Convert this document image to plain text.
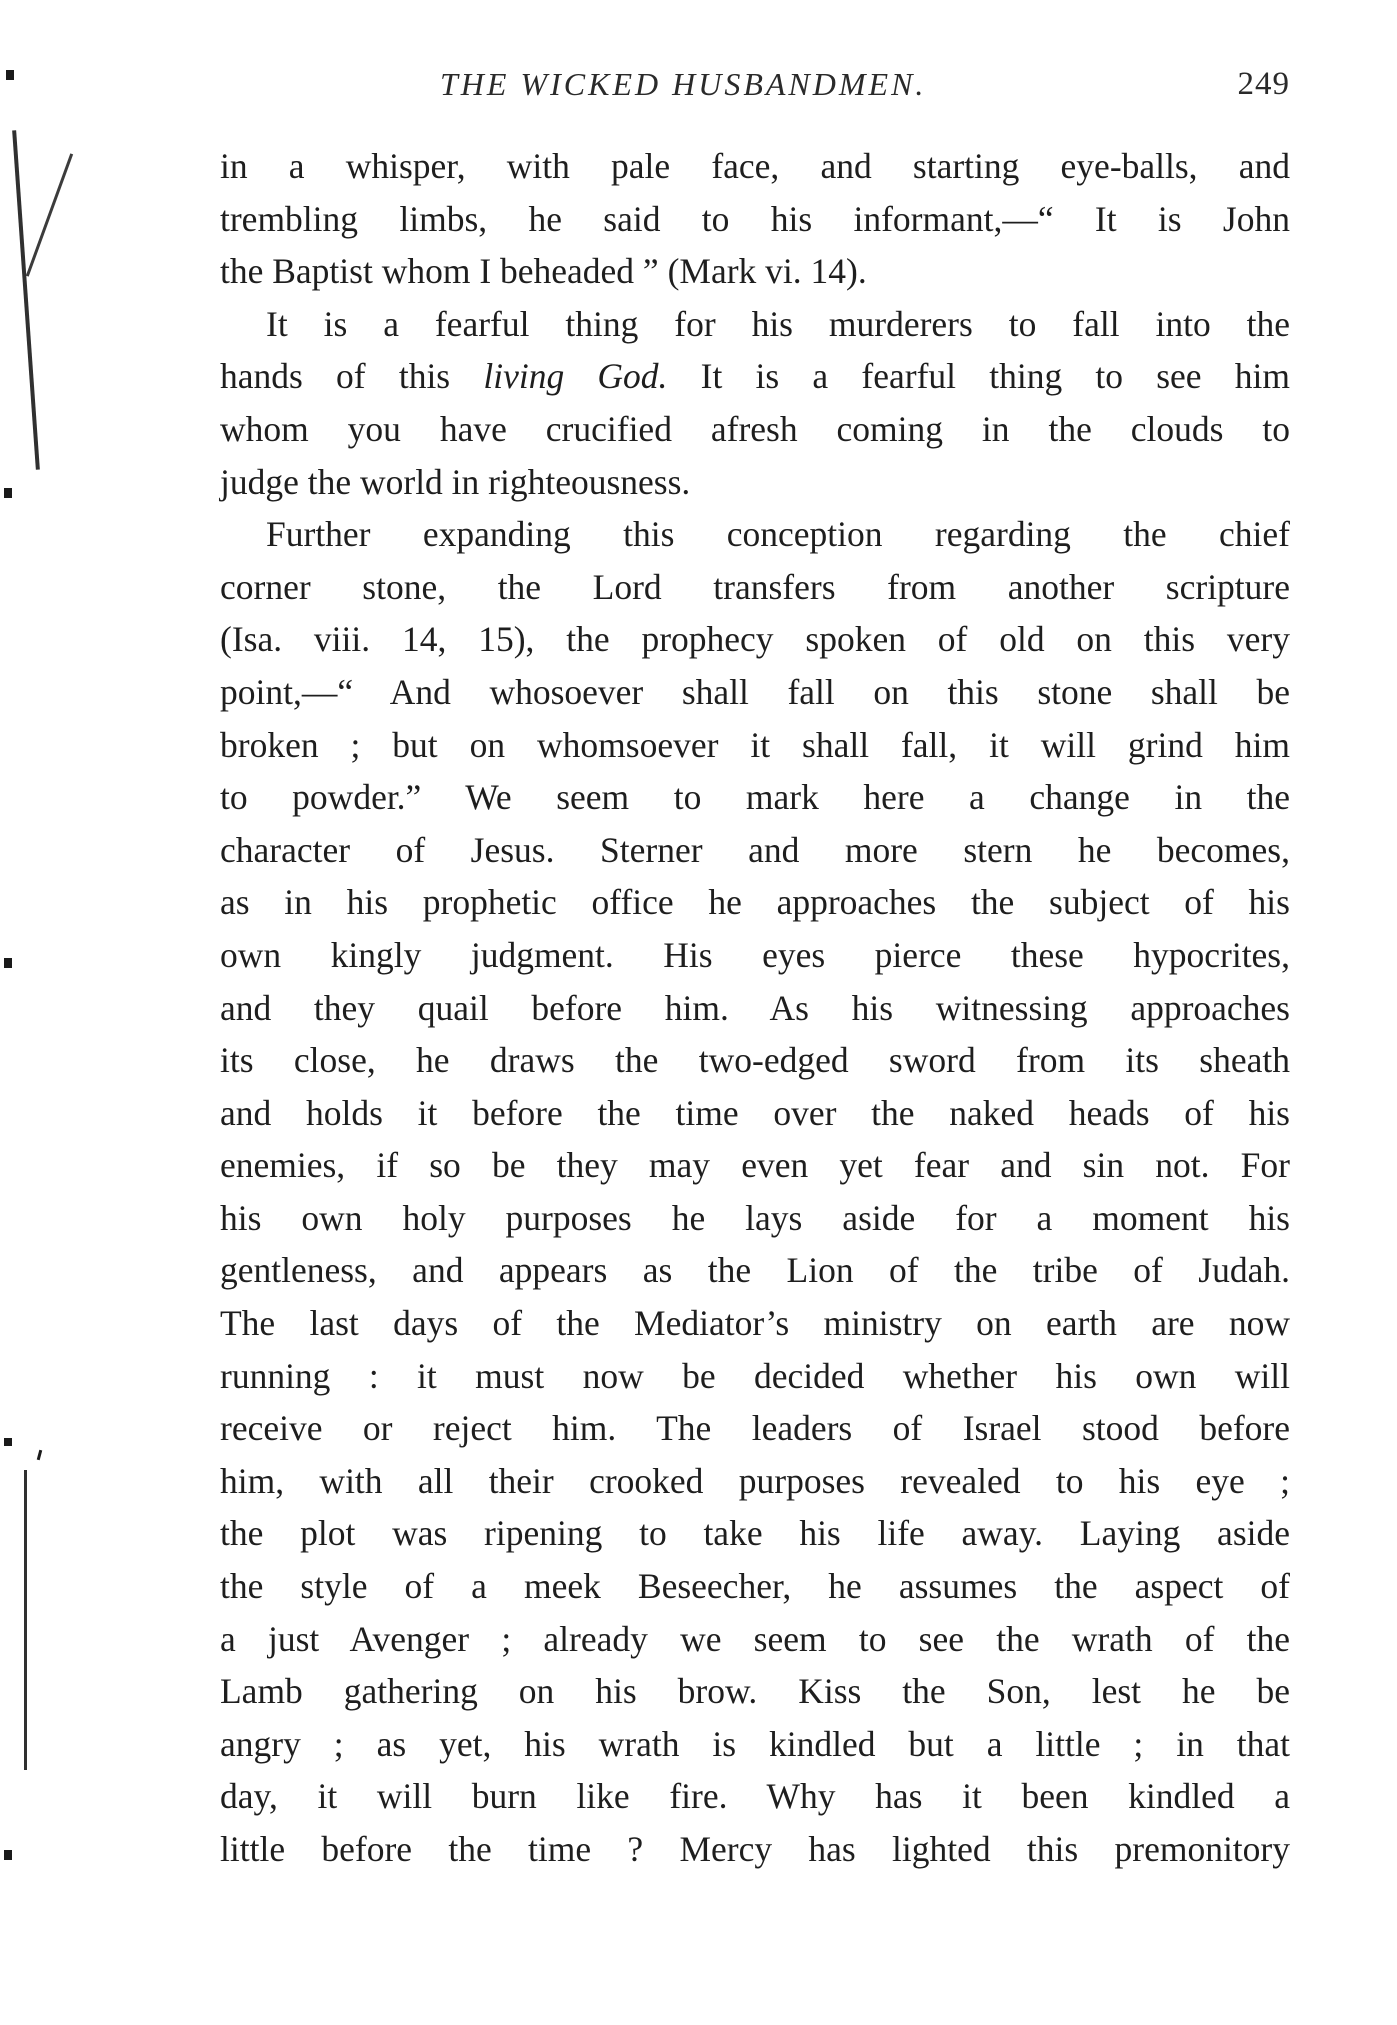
THE WICKED HUSBANDMEN.	249
in a whisper, with pale face, and starting eye-balls, and
trembling limbs, he said to his informant,—“ It is John
the Baptist whom I beheaded ” (Mark vi. 14).
It is a fearful thing for his murderers to fall into the
hands of this living God. It is a fearful thing to see him
whom you have crucified afresh coming in the clouds to
judge the world in righteousness.
Further expanding this conception regarding the chief
corner stone, the Lord transfers from another scripture
(Isa. viii. 14, 15), the prophecy spoken of old on this very
point,—“ And whosoever shall fall on this stone shall be
broken ; but on whomsoever it shall fall, it will grind him
to powder.” We seem to mark here a change in the
character of Jesus. Sterner and more stern he becomes,
as in his prophetic office he approaches the subject of his
own kingly judgment. His eyes pierce these hypocrites,
and they quail before him. As his witnessing approaches
its close, he draws the two-edged sword from its sheath
and holds it before the time over the naked heads of his
enemies, if so be they may even yet fear and sin not. For
his own holy purposes he lays aside for a moment his
gentleness, and appears as the Lion of the tribe of Judah.
The last days of the Mediator’s ministry on earth are now
running : it must now be decided whether his own will
receive or reject him. The leaders of Israel stood before
him, with all their crooked purposes revealed to his eye ;
the plot was ripening to take his life away. Laying aside
the style of a meek Beseecher, he assumes the aspect of
a just Avenger ; already we seem to see the wrath of the
Lamb gathering on his brow. Kiss the Son, lest he be
angry ; as yet, his wrath is kindled but a little ; in that
day, it will burn like fire. Why has it been kindled a
little before the time ? Mercy has lighted this premonitory
